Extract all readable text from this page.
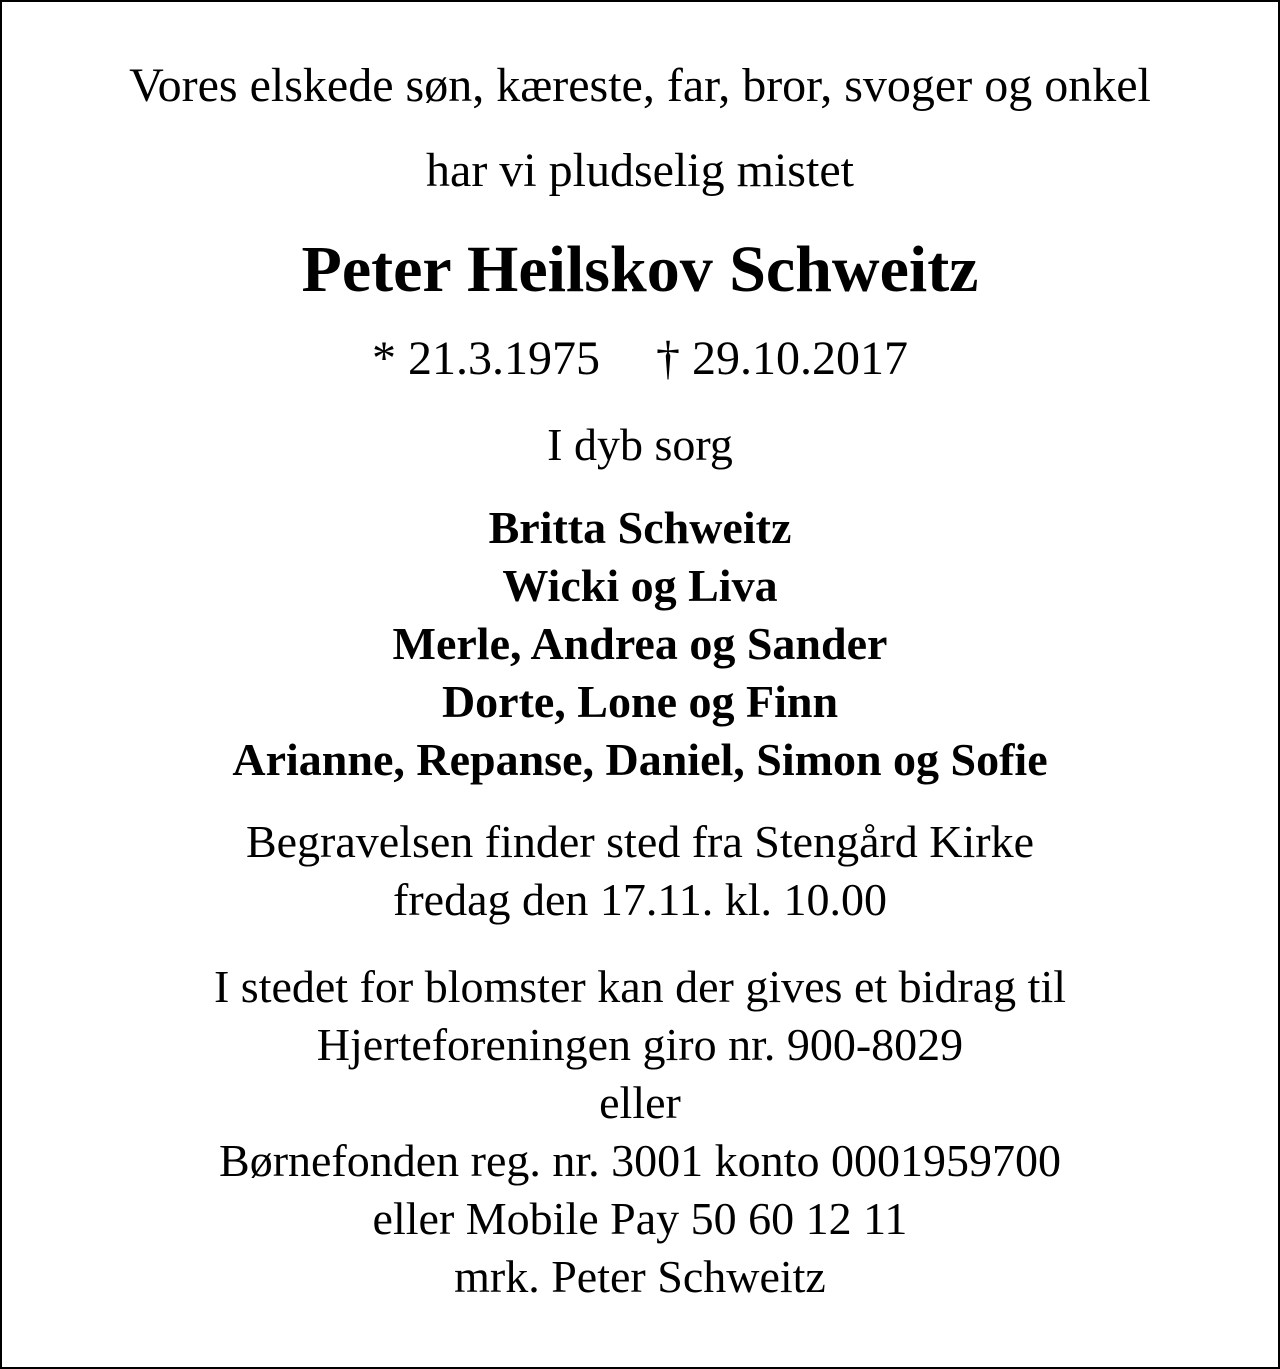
Vores elskede søn, kæreste, far, bror, svoger og onkel
har vi pludselig mistet
Peter Heilskov Schweitz
* 21.3.1975 † 29.10.2017
I dyb sorg
Britta Schweitz
Wicki og Liva
Merle, Andrea og Sander
Dorte, Lone og Finn
Arianne, Repanse, Daniel, Simon og Sofie
Begravelsen finder sted fra Stengård Kirke
fredag den 17.11. kl. 10.00
I stedet for blomster kan der gives et bidrag til
Hjerteforeningen giro nr. 900-8029
eller
Børnefonden reg. nr. 3001 konto 0001959700
eller Mobile Pay 50 60 12 11
mrk. Peter Schweitz
